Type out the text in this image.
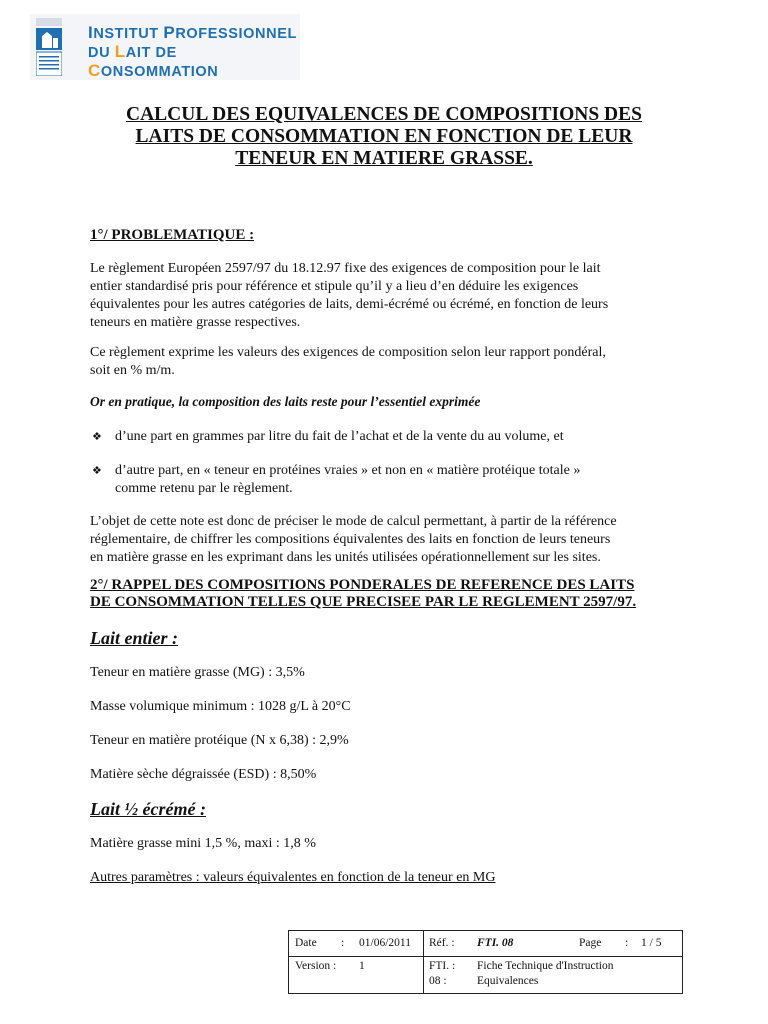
INSTITUT PROFESSIONNEL
DU LAIT DE CONSOMMATION
CALCUL DES EQUIVALENCES DE COMPOSITIONS DES
LAITS DE CONSOMMATION EN FONCTION DE LEUR
TENEUR EN MATIERE GRASSE.
1°/ PROBLEMATIQUE :
Le règlement Européen 2597/97 du 18.12.97 fixe des exigences de composition pour le lait
entier standardisé pris pour référence et stipule qu’il y a lieu d’en déduire les exigences
équivalentes pour les autres catégories de laits, demi-écrémé ou écrémé, en fonction de leurs
teneurs en matière grasse respectives.
Ce règlement exprime les valeurs des exigences de composition selon leur rapport pondéral,
soit en % m/m.
Or en pratique, la composition des laits reste pour l’essentiel exprimée
❖ d’une part en grammes par litre du fait de l’achat et de la vente du au volume, et
❖ d’autre part, en « teneur en protéines vraies » et non en « matière protéique totale »
comme retenu par le règlement.
L’objet de cette note est donc de préciser le mode de calcul permettant, à partir de la référence
réglementaire, de chiffrer les compositions équivalentes des laits en fonction de leurs teneurs
en matière grasse en les exprimant dans les unités utilisées opérationnellement sur les sites.
2°/ RAPPEL DES COMPOSITIONS PONDERALES DE REFERENCE DES LAITS
DE CONSOMMATION TELLES QUE PRECISEE PAR LE REGLEMENT 2597/97.
Lait entier :
Teneur en matière grasse (MG) : 3,5%
Masse volumique minimum : 1028 g/L à 20°C
Teneur en matière protéique (N x 6,38) : 2,9%
Matière sèche dégraissée (ESD) : 8,50%
Lait ½ écrémé :
Matière grasse mini 1,5 %, maxi : 1,8 %
Autres paramètres : valeurs équivalentes en fonction de la teneur en MG
Date : 01/06/2011 Réf. : FTI. 08	Page : 1 / 5
Version : 1	FTI. :
08 :
Fiche Technique d'Instruction
Equivalences
